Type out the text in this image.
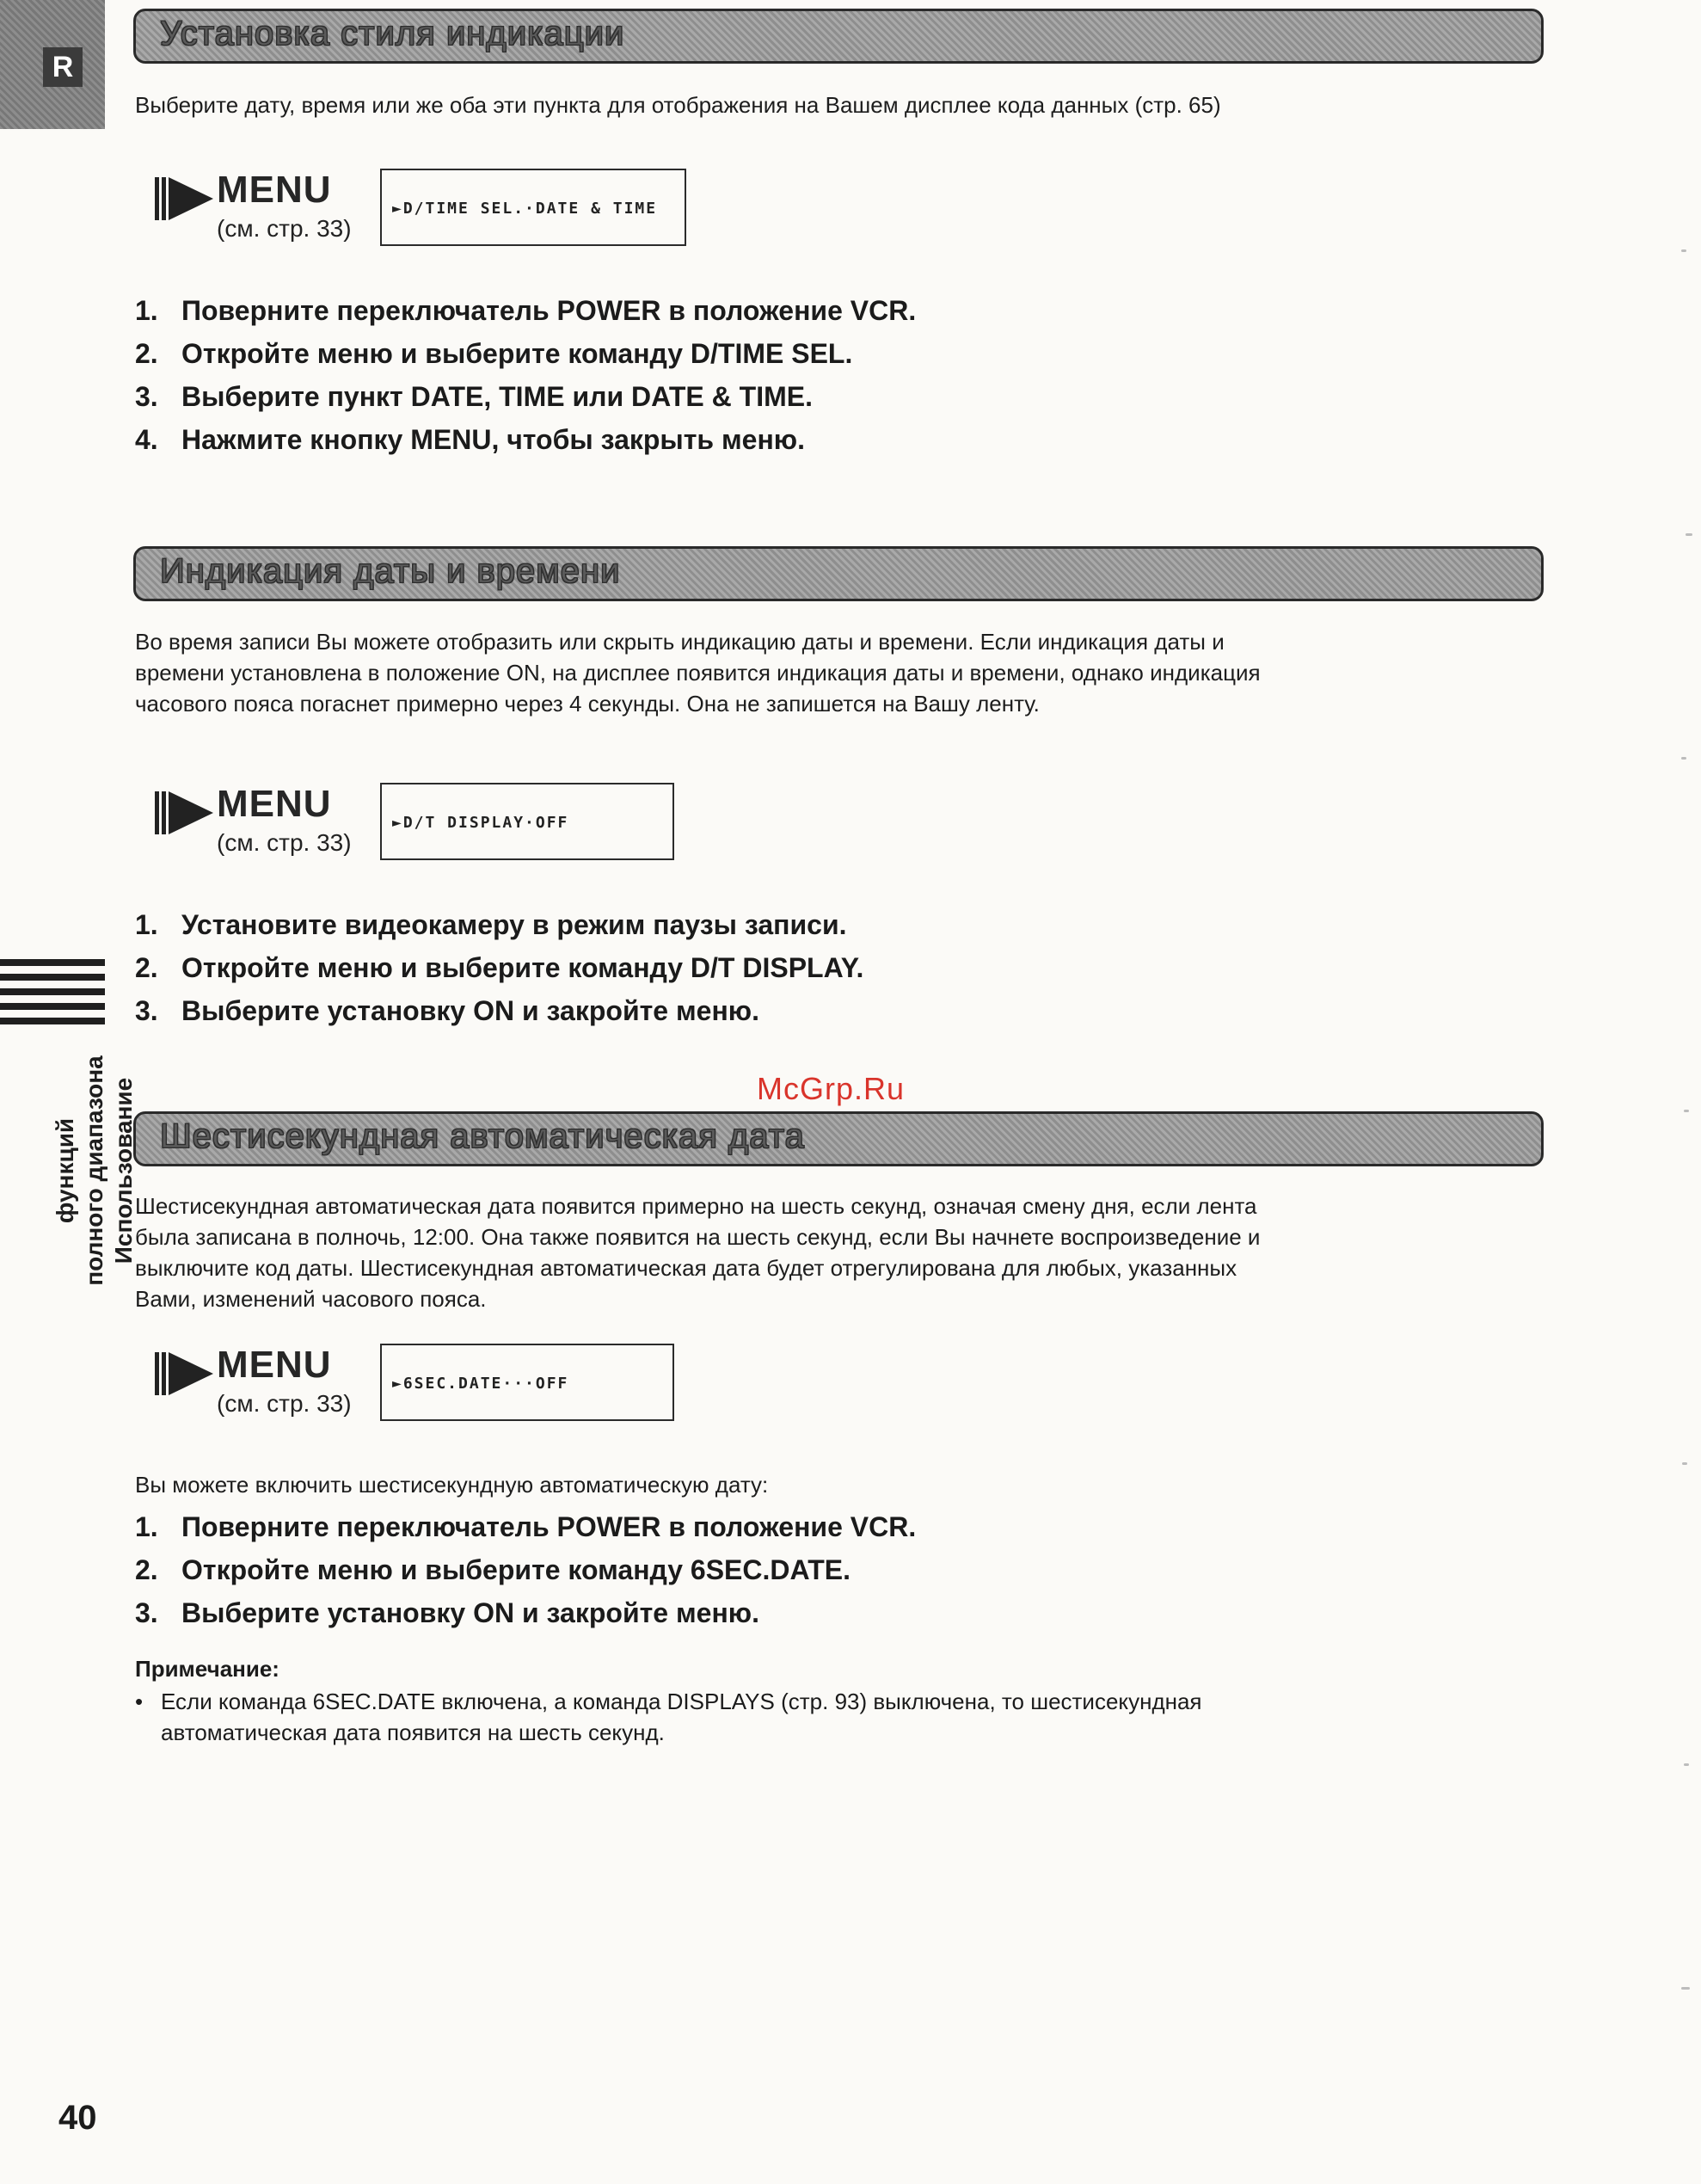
R
Установка стиля индикации
Выберите дату, время или же оба эти пункта для отображения на Вашем дисплее кода данных (стр. 65)
MENU
(см. стр. 33)
►D/TIME SEL.·DATE & TIME
1. Поверните переключатель POWER в положение VCR.
2. Откройте меню и выберите команду D/TIME SEL.
3. Выберите пункт DATE, TIME или DATE & TIME.
4. Нажмите кнопку MENU, чтобы закрыть меню.
Индикация даты и времени
Во время записи Вы можете отобразить или скрыть индикацию даты и времени. Если индикация даты и
времени установлена в положение ON, на дисплее появится индикация даты и времени, однако индикация
часового пояса погаснет примерно через 4 секунды. Она не запишется на Вашу ленту.
MENU
(см. стр. 33)
►D/T DISPLAY·OFF
1. Установите видеокамеру в режим паузы записи.
2. Откройте меню и выберите команду D/T DISPLAY.
3. Выберите установку ON и закройте меню.
McGrp.Ru
Шестисекундная автоматическая дата
Шестисекундная автоматическая дата появится примерно на шесть секунд, означая смену дня, если лента
была записана в полночь, 12:00. Она также появится на шесть секунд, если Вы начнете воспроизведение и
выключите код даты. Шестисекундная автоматическая дата будет отрегулирована для любых, указанных
Вами, изменений часового пояса.
MENU
(см. стр. 33)
►6SEC.DATE···OFF
Вы можете включить шестисекундную автоматическую дату:
1. Поверните переключатель POWER в положение VCR.
2. Откройте меню и выберите команду 6SEC.DATE.
3. Выберите установку ON и закройте меню.
Примечание:
• Если команда 6SEC.DATE включена, а команда DISPLAYS (стр. 93) выключена, то шестисекундная
автоматическая дата появится на шесть секунд.
функций полного диапазона Использование
40
